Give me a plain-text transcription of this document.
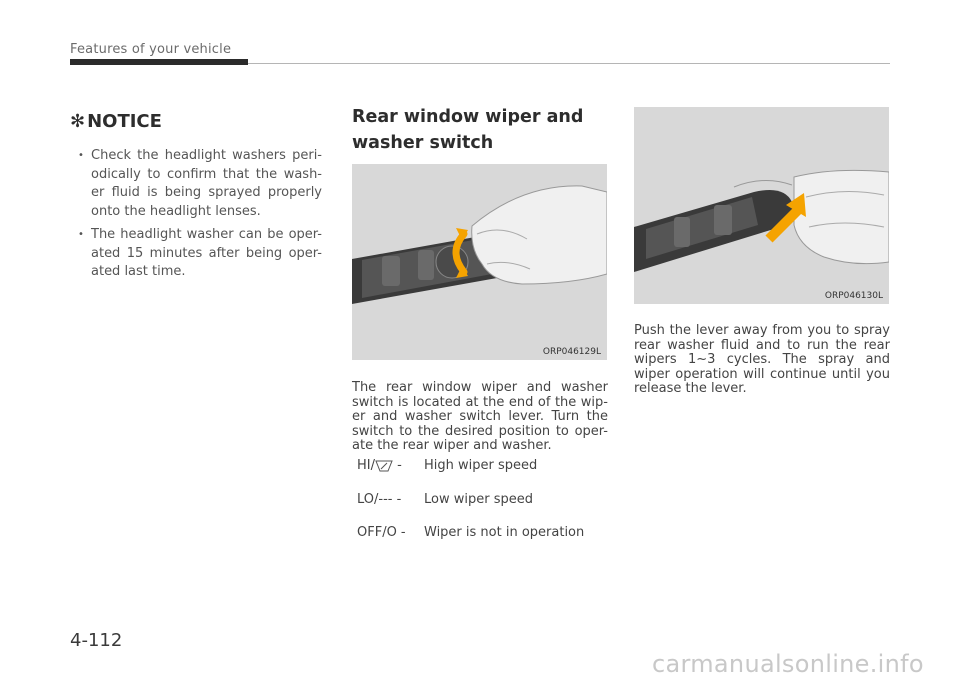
Features of your vehicle
✻ NOTICE
• Check the headlight washers peri-odically to confirm that the wash-er fluid is being sprayed properly onto the headlight lenses.
• The headlight washer can be oper-ated 15 minutes after being oper-ated last time.
Rear window wiper and washer switch
ORP046129L
The rear window wiper and washer switch is located at the end of the wip-er and washer switch lever. Turn the switch to the desired position to oper-ate the rear wiper and washer.
HI/ - High wiper speed
LO/--- - Low wiper speed
OFF/O - Wiper is not in operation
ORP046130L
Push the lever away from you to spray rear washer fluid and to run the rear wipers 1~3 cycles. The spray and wiper operation will continue until you release the lever.
4-112
carmanualsonline.info
